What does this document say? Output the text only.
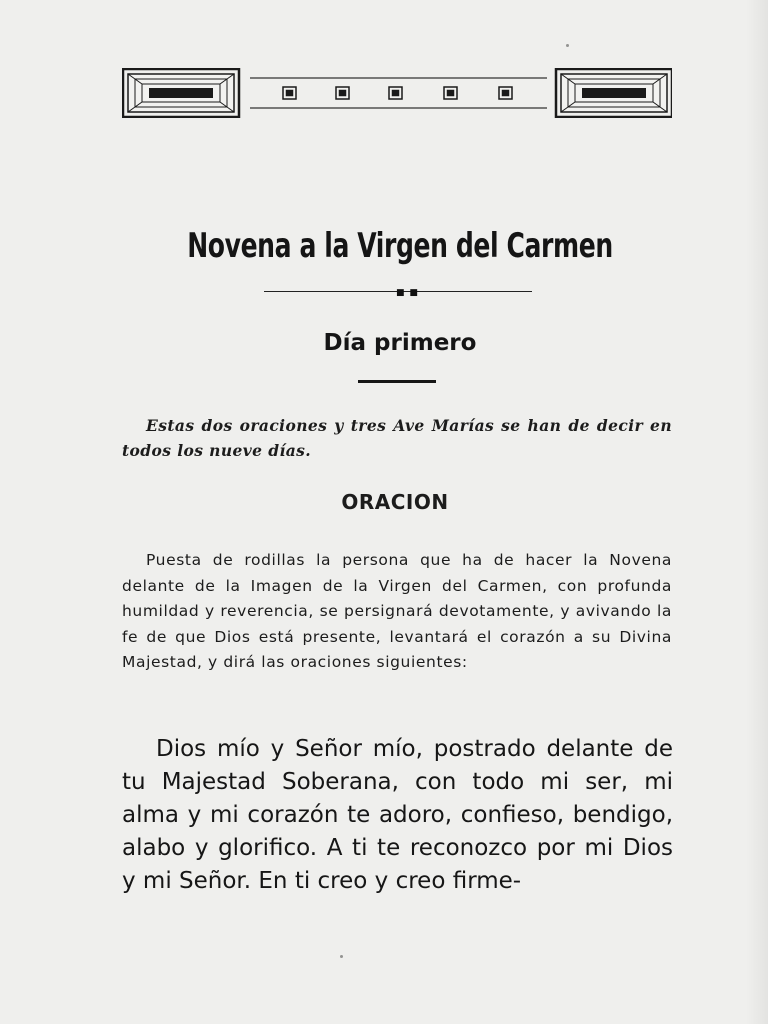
Novena a la Virgen del Carmen
■ ■
Día primero

Estas dos oraciones y tres Ave Marías se han de decir en todos los nueve días.

ORACION

Puesta de rodillas la persona que ha de hacer la Novena delante de la Imagen de la Virgen del Carmen, con profunda humildad y reverencia, se persignará devotamente, y avivando la fe de que Dios está presente, levantará el corazón a su Divina Majestad, y dirá las oraciones siguientes:

Dios mío y Señor mío, postrado delante de tu Majestad Soberana, con todo mi ser, mi alma y mi corazón te adoro, confieso, bendigo, alabo y glorifico. A ti te reconozco por mi Dios y mi Señor. En ti creo y creo firme-
